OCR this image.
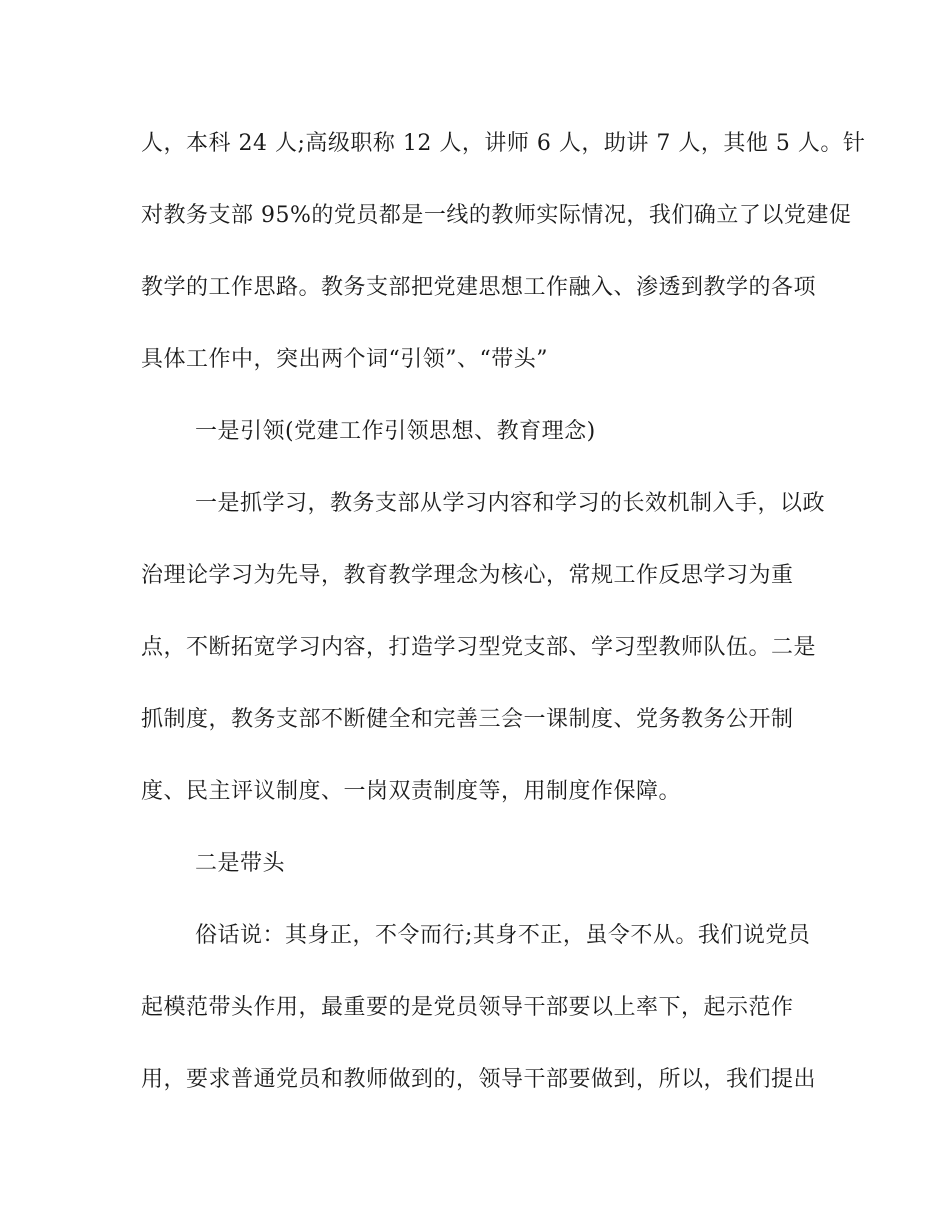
人，本科 24 人;高级职称 12 人，讲师 6 人，助讲 7 人，其他 5 人。针
对教务支部 95%的党员都是一线的教师实际情况，我们确立了以党建促
教学的工作思路。教务支部把党建思想工作融入、渗透到教学的各项
具体工作中，突出两个词“引领”、“带头”
一是引领(党建工作引领思想、教育理念)
一是抓学习，教务支部从学习内容和学习的长效机制入手，以政
治理论学习为先导，教育教学理念为核心，常规工作反思学习为重
点，不断拓宽学习内容，打造学习型党支部、学习型教师队伍。二是
抓制度，教务支部不断健全和完善三会一课制度、党务教务公开制
度、民主评议制度、一岗双责制度等，用制度作保障。
二是带头
俗话说：其身正，不令而行;其身不正，虽令不从。我们说党员
起模范带头作用，最重要的是党员领导干部要以上率下，起示范作
用，要求普通党员和教师做到的，领导干部要做到，所以，我们提出
